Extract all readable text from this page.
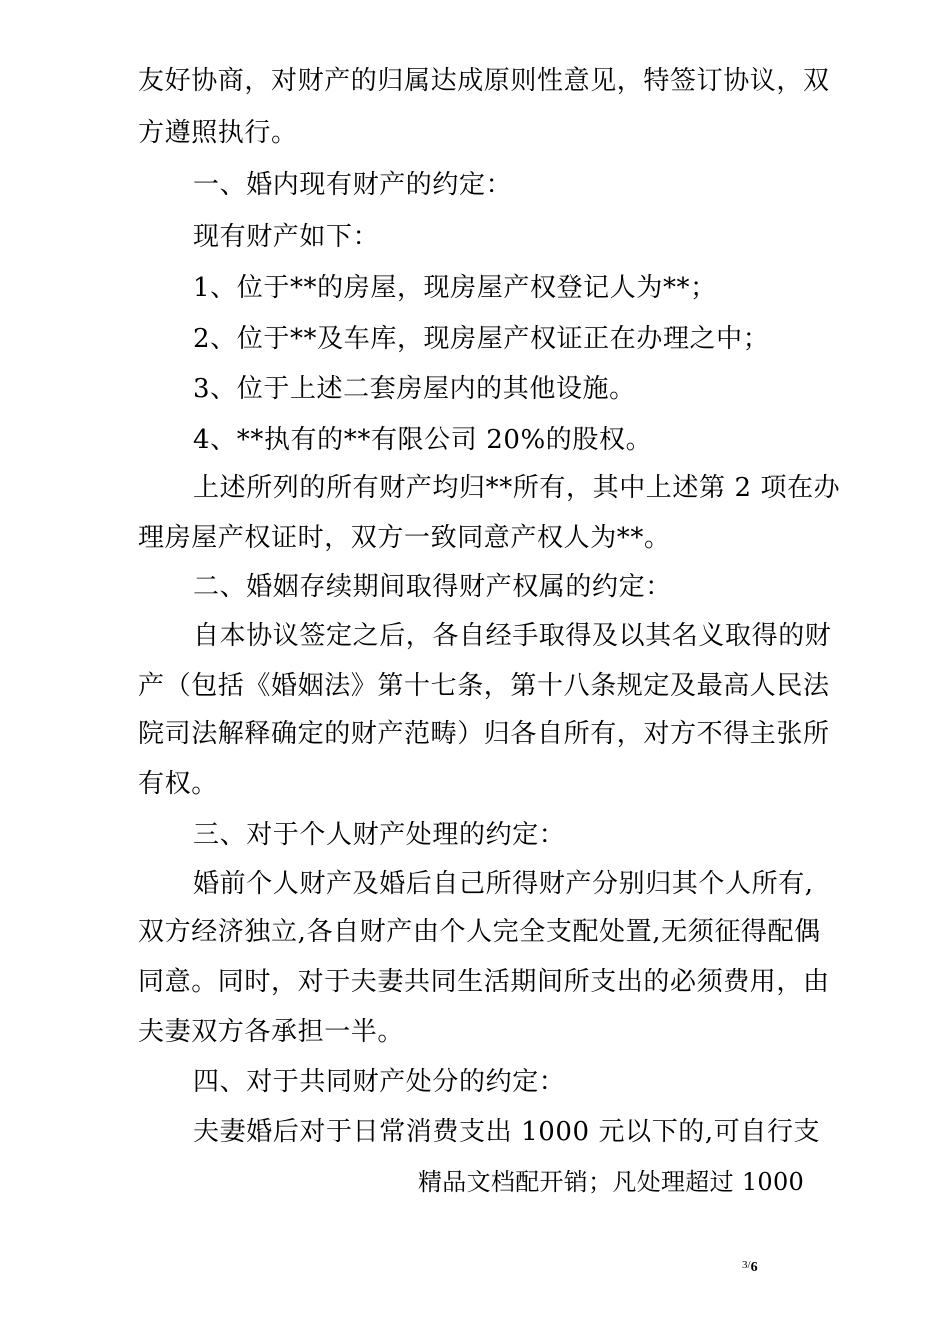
友好协商，对财产的归属达成原则性意见，特签订协议，双
方遵照执行。
一、婚内现有财产的约定：
现有财产如下：
1、位于**的房屋，现房屋产权登记人为**；
2、位于**及车库，现房屋产权证正在办理之中；
3、位于上述二套房屋内的其他设施。
4、**执有的**有限公司 20%的股权。
上述所列的所有财产均归**所有，其中上述第 2 项在办
理房屋产权证时，双方一致同意产权人为**。
二、婚姻存续期间取得财产权属的约定：
自本协议签定之后，各自经手取得及以其名义取得的财
产（包括《婚姻法》第十七条，第十八条规定及最高人民法
院司法解释确定的财产范畴）归各自所有，对方不得主张所
有权。
三、对于个人财产处理的约定：
婚前个人财产及婚后自己所得财产分别归其个人所有,
双方经济独立,各自财产由个人完全支配处置,无须征得配偶
同意。同时，对于夫妻共同生活期间所支出的必须费用，由
夫妻双方各承担一半。
四、对于共同财产处分的约定：
夫妻婚后对于日常消费支出 1000 元以下的,可自行支
精品文档配开销；凡处理超过 1000
$^{3/}$6
